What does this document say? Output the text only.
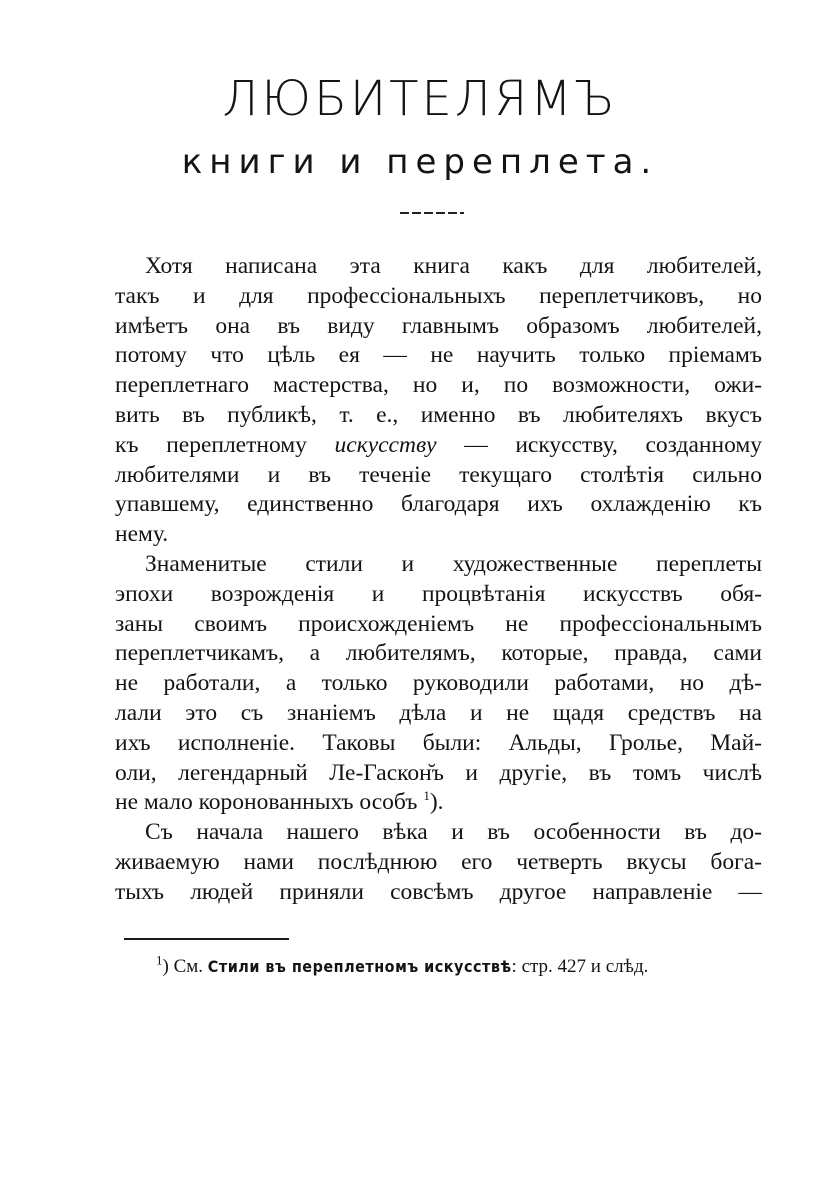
ЛЮБИТЕЛЯМЪ
книги и переплета.

Хотя написана эта книга какъ для любителей,
такъ и для профессіональныхъ переплетчиковъ, но
имѣетъ она въ виду главнымъ образомъ любителей,
потому что цѣль ея — не научить только пріемамъ
переплетнаго мастерства, но и, по возможности, ожи-
вить въ публикѣ, т. е., именно въ любителяхъ вкусъ
къ переплетному искусству — искусству, созданному
любителями и въ теченіе текущаго столѣтія сильно
упавшему, единственно благодаря ихъ охлажденію къ
нему.

Знаменитые стили и художественные переплеты
эпохи возрожденія и процвѣтанія искусствъ обя-
заны своимъ происхожденіемъ не профессіональнымъ
переплетчикамъ, а любителямъ, которые, правда, сами
не работали, а только руководили работами, но дѣ-
лали это съ знаніемъ дѣла и не щадя средствъ на
ихъ исполненіе. Таковы были: Альды, Гролье, Май-
оли, легендарный Ле-Гаскон̆ъ и другіе, въ томъ числѣ
не мало коронованныхъ особъ $^1$).

Съ начала нашего вѣка и въ особенности въ до-
живаемую нами послѣднюю его четверть вкусы бога-
тыхъ людей приняли совсѣмъ другое направленіе —

$^1$) См. Стили въ переплетномъ искусствѣ: стр. 427 и слѣд.
